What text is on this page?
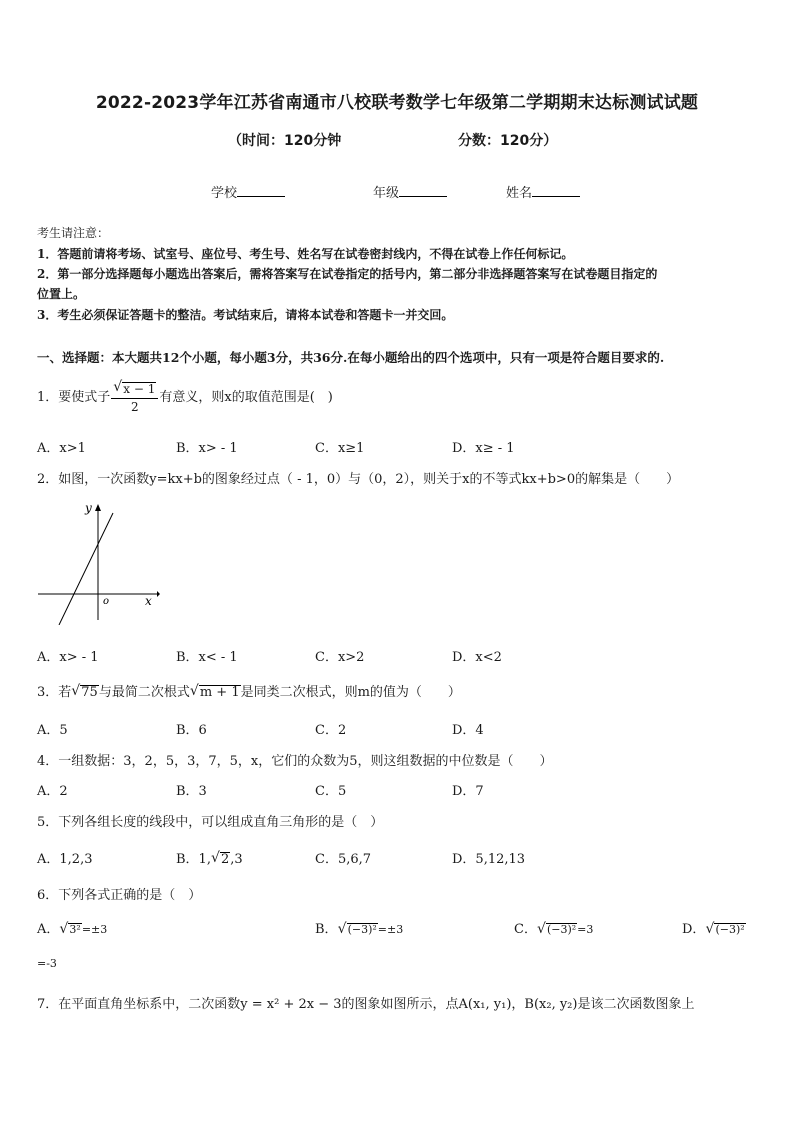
2022-2023学年江苏省南通市八校联考数学七年级第二学期期末达标测试试题
（时间：120分钟	分数：120分）
学校	年级	姓名
考生请注意：
1．答题前请将考场、试室号、座位号、考生号、姓名写在试卷密封线内，不得在试卷上作任何标记。
2．第一部分选择题每小题选出答案后，需将答案写在试卷指定的括号内，第二部分非选择题答案写在试卷题目指定的
位置上。
3．考生必须保证答题卡的整洁。考试结束后，请将本试卷和答题卡一并交回。
一、选择题：本大题共12个小题，每小题3分，共36分.在每小题给出的四个选项中，只有一项是符合题目要求的.
1．要使式子 √ $\frac{x - 1}{2}$ 有意义，则x的取值范围是(　)
A．x>1	B．x> - 1	C．x≥1	D．x≥ - 1
2．如图，一次函数y=kx+b的图象经过点（ - 1，0）与（0，2），则关于x的不等式kx+b>0的解集是（　　）
y
x
o
A．x> - 1	B．x< - 1	C．x>2	D．x<2
3．若 √ 75与最简二次根式 √ m + 1是同类二次根式，则m的值为（　　）
A．5	B．6	C．2	D．4
4．一组数据：3，2，5，3，7，5，x，它们的众数为5，则这组数据的中位数是（　　）
A．2	B．3	C．5	D．7
5．下列各组长度的线段中，可以组成直角三角形的是（　）
A．1,2,3	B．1, √ 2,3	C．5,6,7	D．5,12,13
6．下列各式正确的是（　）
A． √ 3²=±3	B． √ (−3)²=±3	C． √ (−3)²=3	D． √ (−3)²
=-3
7．在平面直角坐标系中，二次函数y = x² + 2x − 3的图象如图所示，点A(x₁, y₁)，B(x₂, y₂)是该二次函数图象上
